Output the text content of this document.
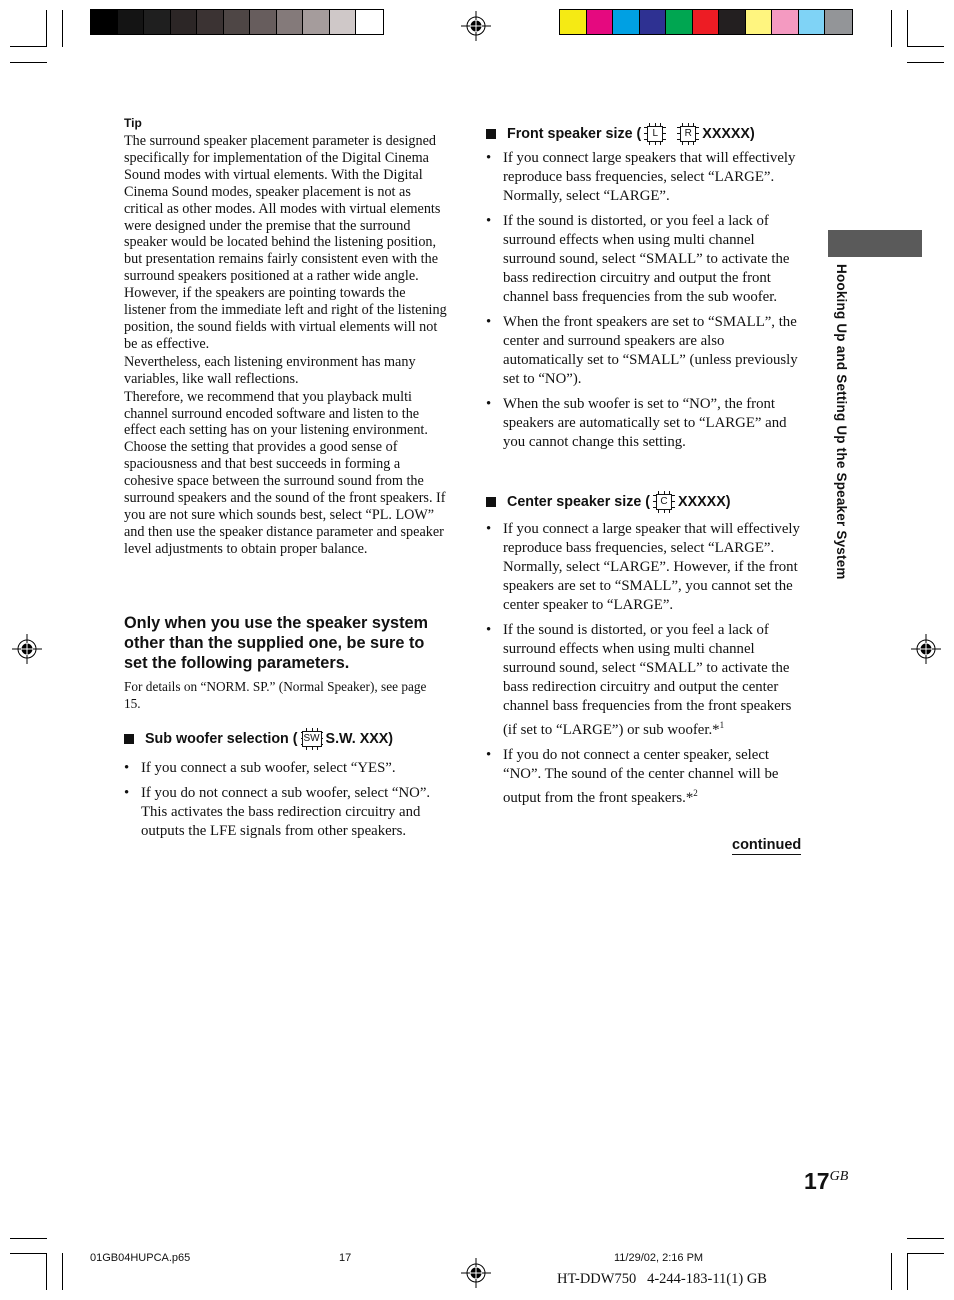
Hooking Up and Setting Up the Speaker System
Tip
The surround speaker placement parameter is designed specifically for implementation of the Digital Cinema Sound modes with virtual elements. With the Digital Cinema Sound modes, speaker placement is not as critical as other modes. All modes with virtual elements were designed under the premise that the surround speaker would be located behind the listening position, but presentation remains fairly consistent even with the surround speakers positioned at a rather wide angle. However, if the speakers are pointing towards the listener from the immediate left and right of the listening position, the sound fields with virtual elements will not be as effective.
Nevertheless, each listening environment has many variables, like wall reflections.
Therefore, we recommend that you playback multi channel surround encoded software and listen to the effect each setting has on your listening environment. Choose the setting that provides a good sense of spaciousness and that best succeeds in forming a cohesive space between the surround sound from the surround speakers and the sound of the front speakers. If you are not sure which sounds best, select “PL. LOW” and then use the speaker distance parameter and speaker level adjustments to obtain proper balance.
Only when you use the speaker system other than the supplied one, be sure to set the following parameters.
For details on “NORM. SP.” (Normal Speaker), see page 15.
Sub woofer selection ( SW S.W. XXX)
• If you connect a sub woofer, select “YES”.
• If you do not connect a sub woofer, select “NO”. This activates the bass redirection circuitry and outputs the LFE signals from other speakers.
Front speaker size (	L	R XXXXX)
• If you connect large speakers that will effectively reproduce bass frequencies, select “LARGE”. Normally, select “LARGE”.
• If the sound is distorted, or you feel a lack of surround effects when using multi channel surround sound, select “SMALL” to activate the bass redirection circuitry and output the front channel bass frequencies from the sub woofer.
• When the front speakers are set to “SMALL”, the center and surround speakers are also automatically set to “SMALL” (unless previously set to “NO”).
• When the sub woofer is set to “NO”, the front speakers are automatically set to “LARGE” and you cannot change this setting.
Center speaker size (	C XXXXX)
• If you connect a large speaker that will effectively reproduce bass frequencies, select “LARGE”. Normally, select “LARGE”. However, if the front speakers are set to “SMALL”, you cannot set the center speaker to “LARGE”.
• If the sound is distorted, or you feel a lack of surround effects when using multi channel surround sound, select “SMALL” to activate the bass redirection circuitry and output the center channel bass frequencies from the front speakers (if set to “LARGE”) or sub woofer.*$^1$
• If you do not connect a center speaker, select “NO”. The sound of the center channel will be output from the front speakers.*$^2$
continued
$17^{GB}$
01GB04HUPCA.p65	17	11/29/02, 2:16 PM
HT-DDW750 4-244-183-11(1) GB
